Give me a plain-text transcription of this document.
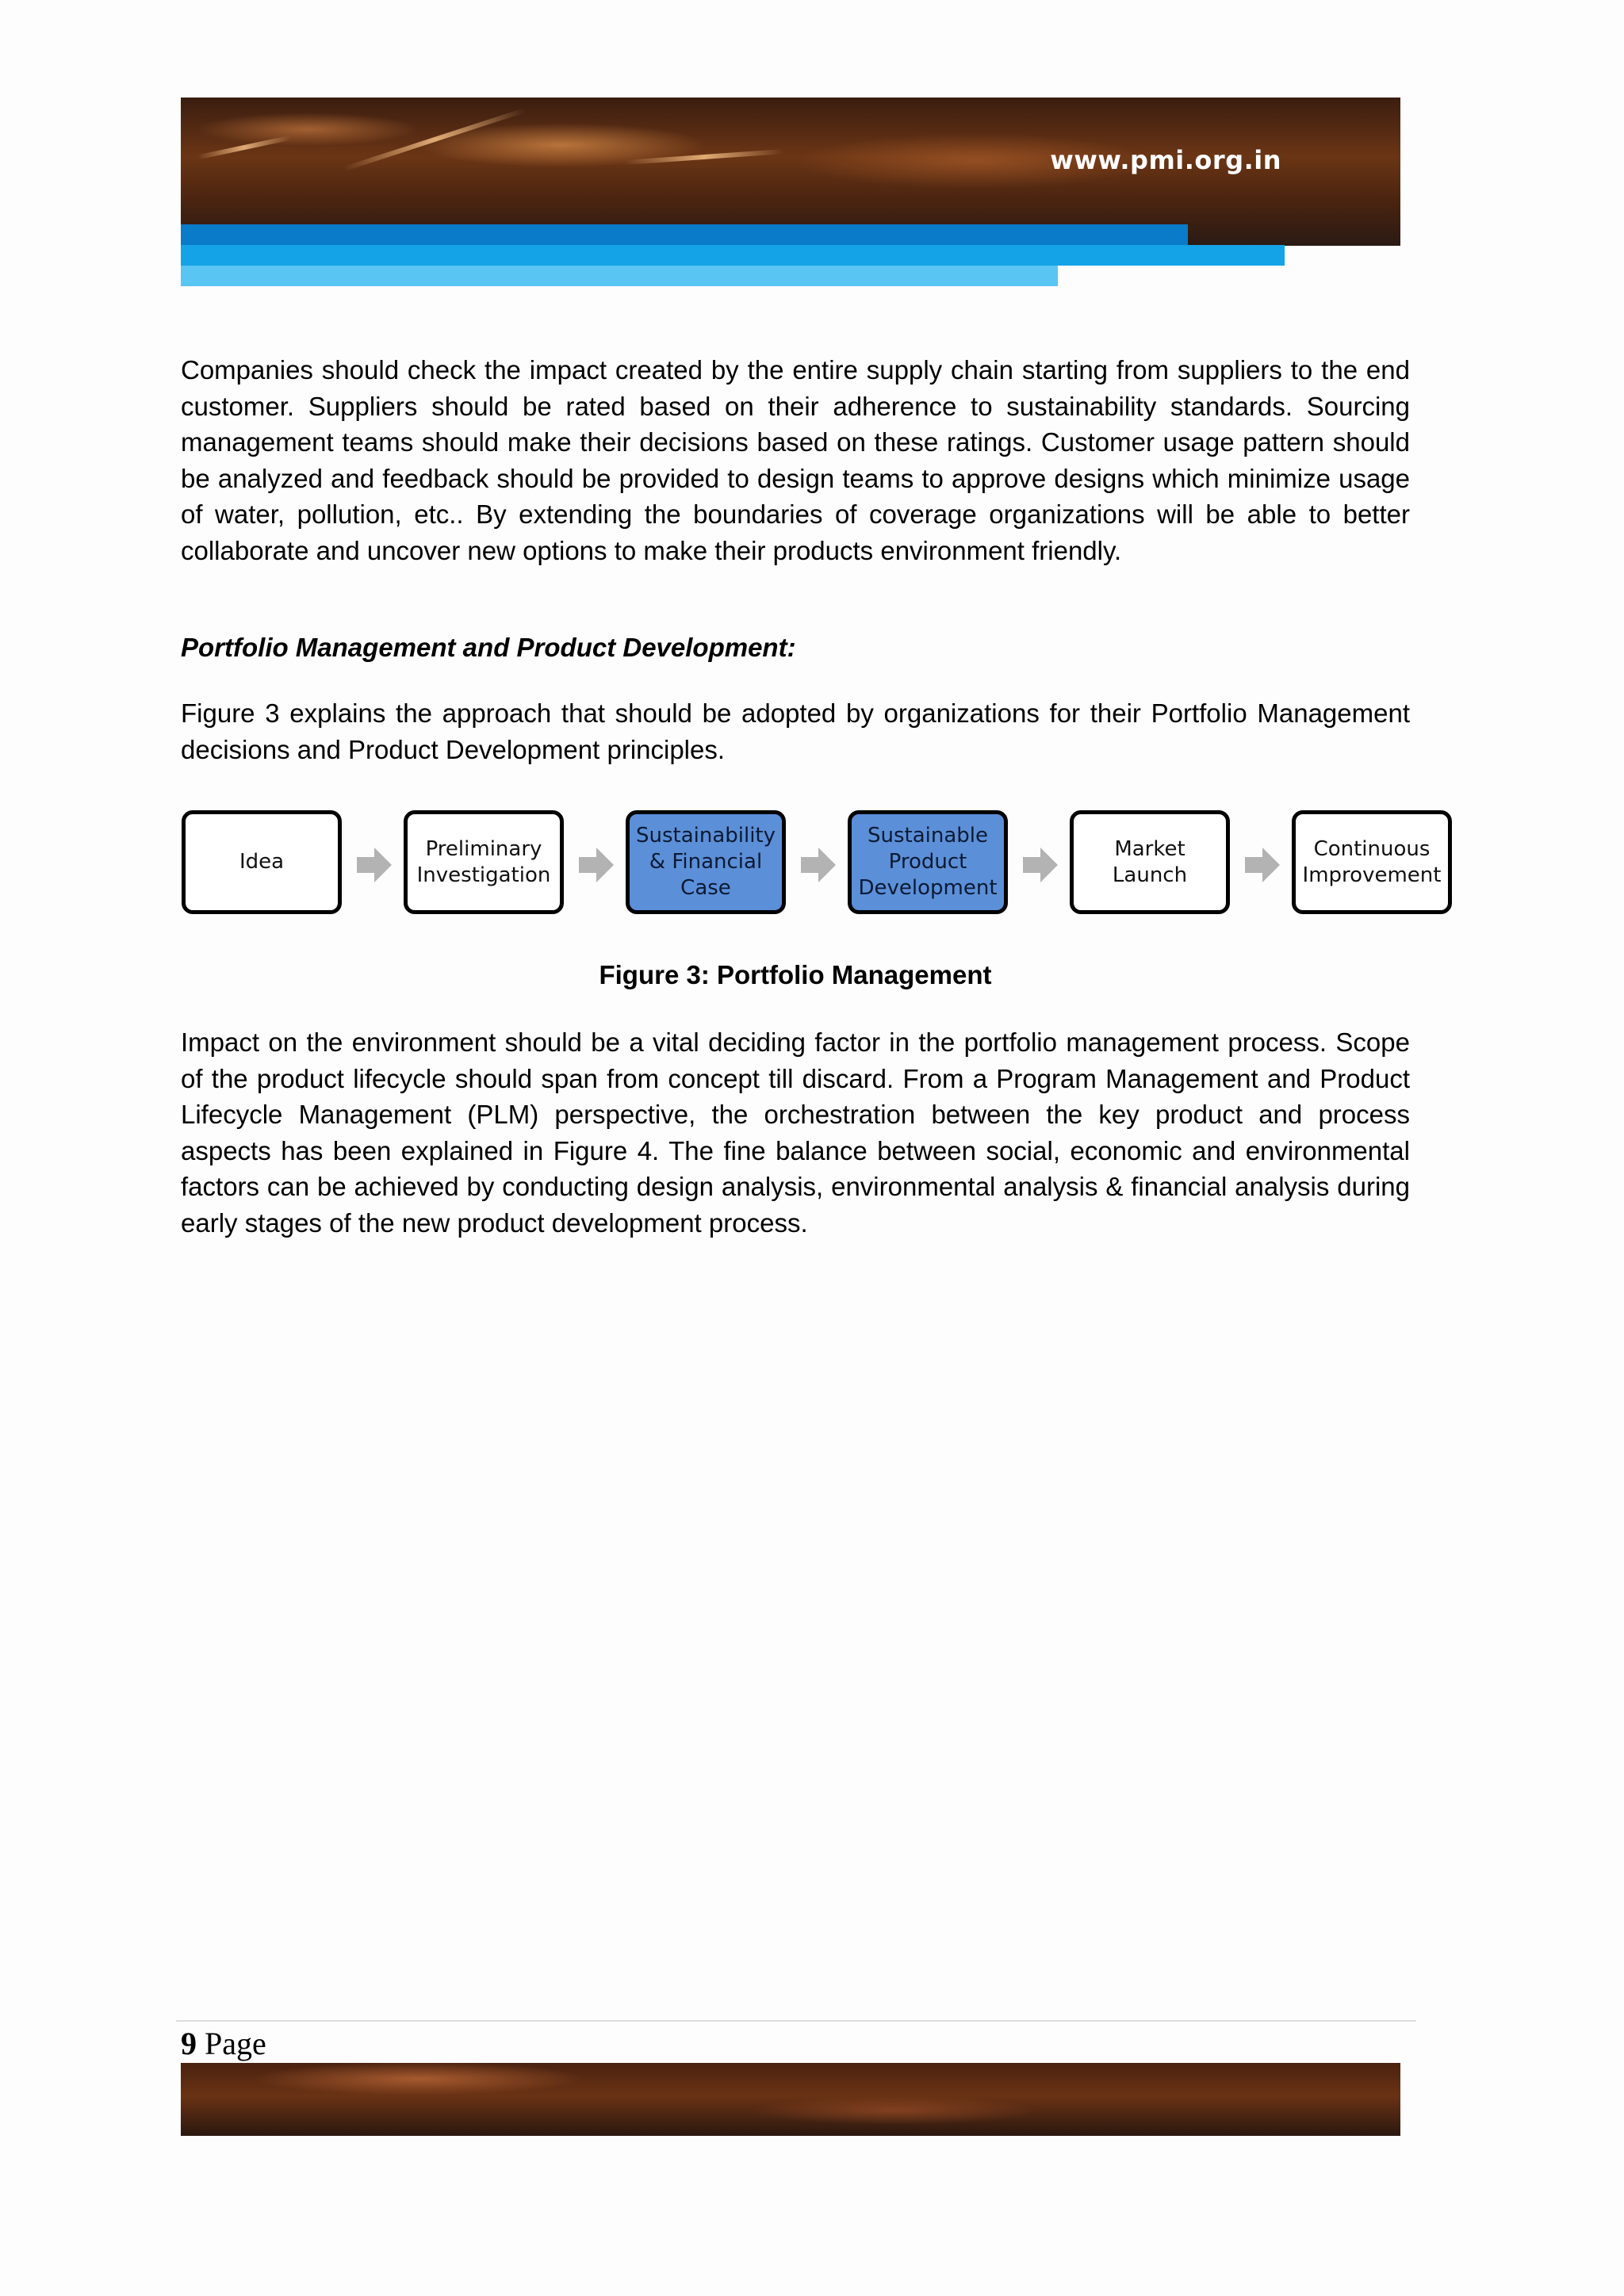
www.pmi.org.in

Companies should check the impact created by the entire supply chain starting from suppliers to the end customer. Suppliers should be rated based on their adherence to sustainability standards. Sourcing management teams should make their decisions based on these ratings. Customer usage pattern should be analyzed and feedback should be provided to design teams to approve designs which minimize usage of water, pollution, etc.. By extending the boundaries of coverage organizations will be able to better collaborate and uncover new options to make their products environment friendly.

Portfolio Management and Product Development:

Figure 3 explains the approach that should be adopted by organizations for their Portfolio Management decisions and Product Development principles.

Idea
Preliminary
Investigation
Sustainability
& Financial
Case
Sustainable
Product
Development
Market
Launch
Continuous
Improvement

Figure 3: Portfolio Management

Impact on the environment should be a vital deciding factor in the portfolio management process. Scope of the product lifecycle should span from concept till discard. From a Program Management and Product Lifecycle Management (PLM) perspective, the orchestration between the key product and process aspects has been explained in Figure 4. The fine balance between social, economic and environmental factors can be achieved by conducting design analysis, environmental analysis & financial analysis during early stages of the new product development process.

9 Page
